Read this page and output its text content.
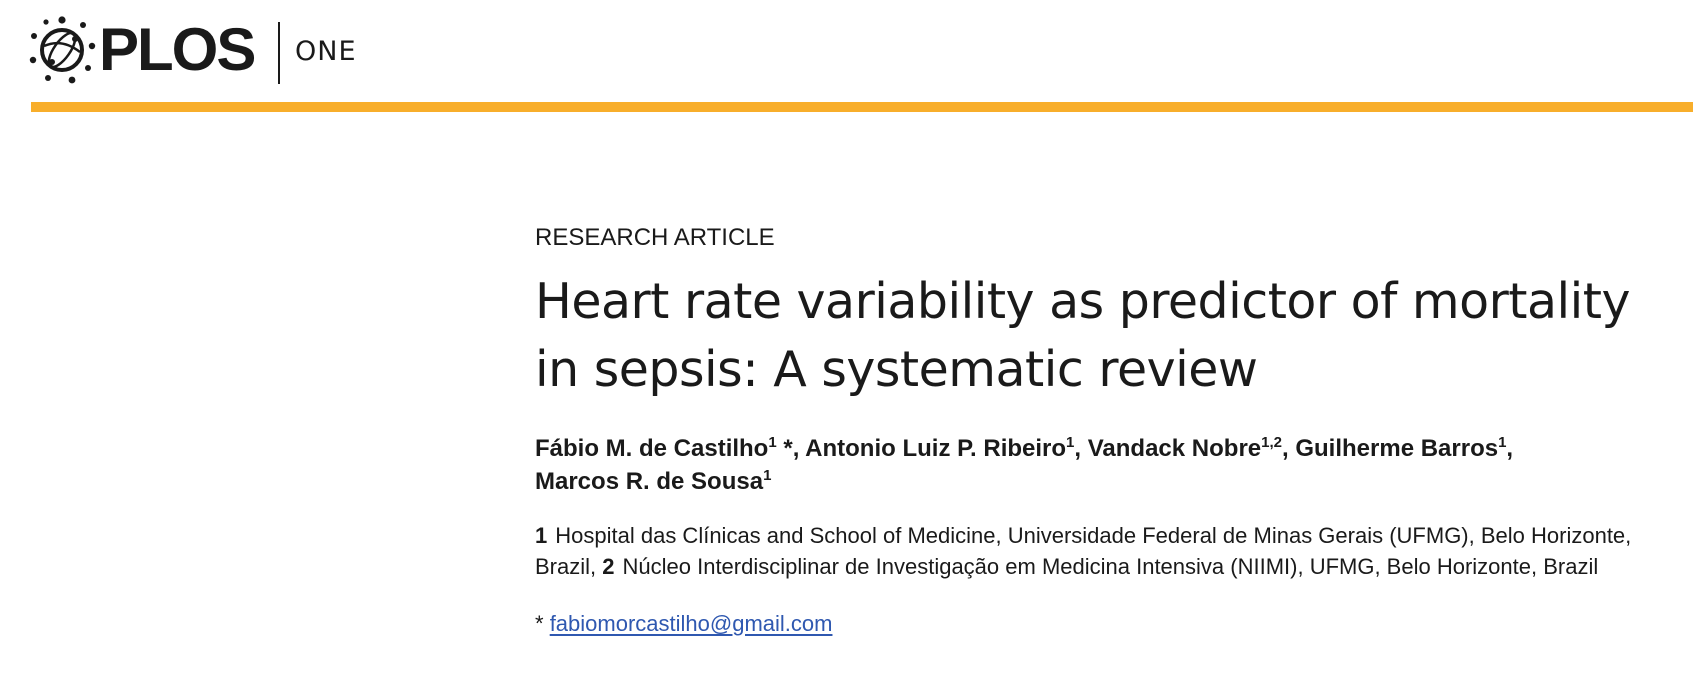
PLOS ONE
RESEARCH ARTICLE
Heart rate variability as predictor of mortality
in sepsis: A systematic review
Fábio M. de Castilho$^1$ *, Antonio Luiz P. Ribeiro$^1$, Vandack Nobre$^{1,2}$, Guilherme Barros$^1$,
Marcos R. de Sousa$^1$
1 Hospital das Clínicas and School of Medicine, Universidade Federal de Minas Gerais (UFMG), Belo Horizonte, Brazil, 2 Núcleo Interdisciplinar de Investigação em Medicina Intensiva (NIIMI), UFMG, Belo Horizonte, Brazil
* fabiomorcastilho@gmail.com
